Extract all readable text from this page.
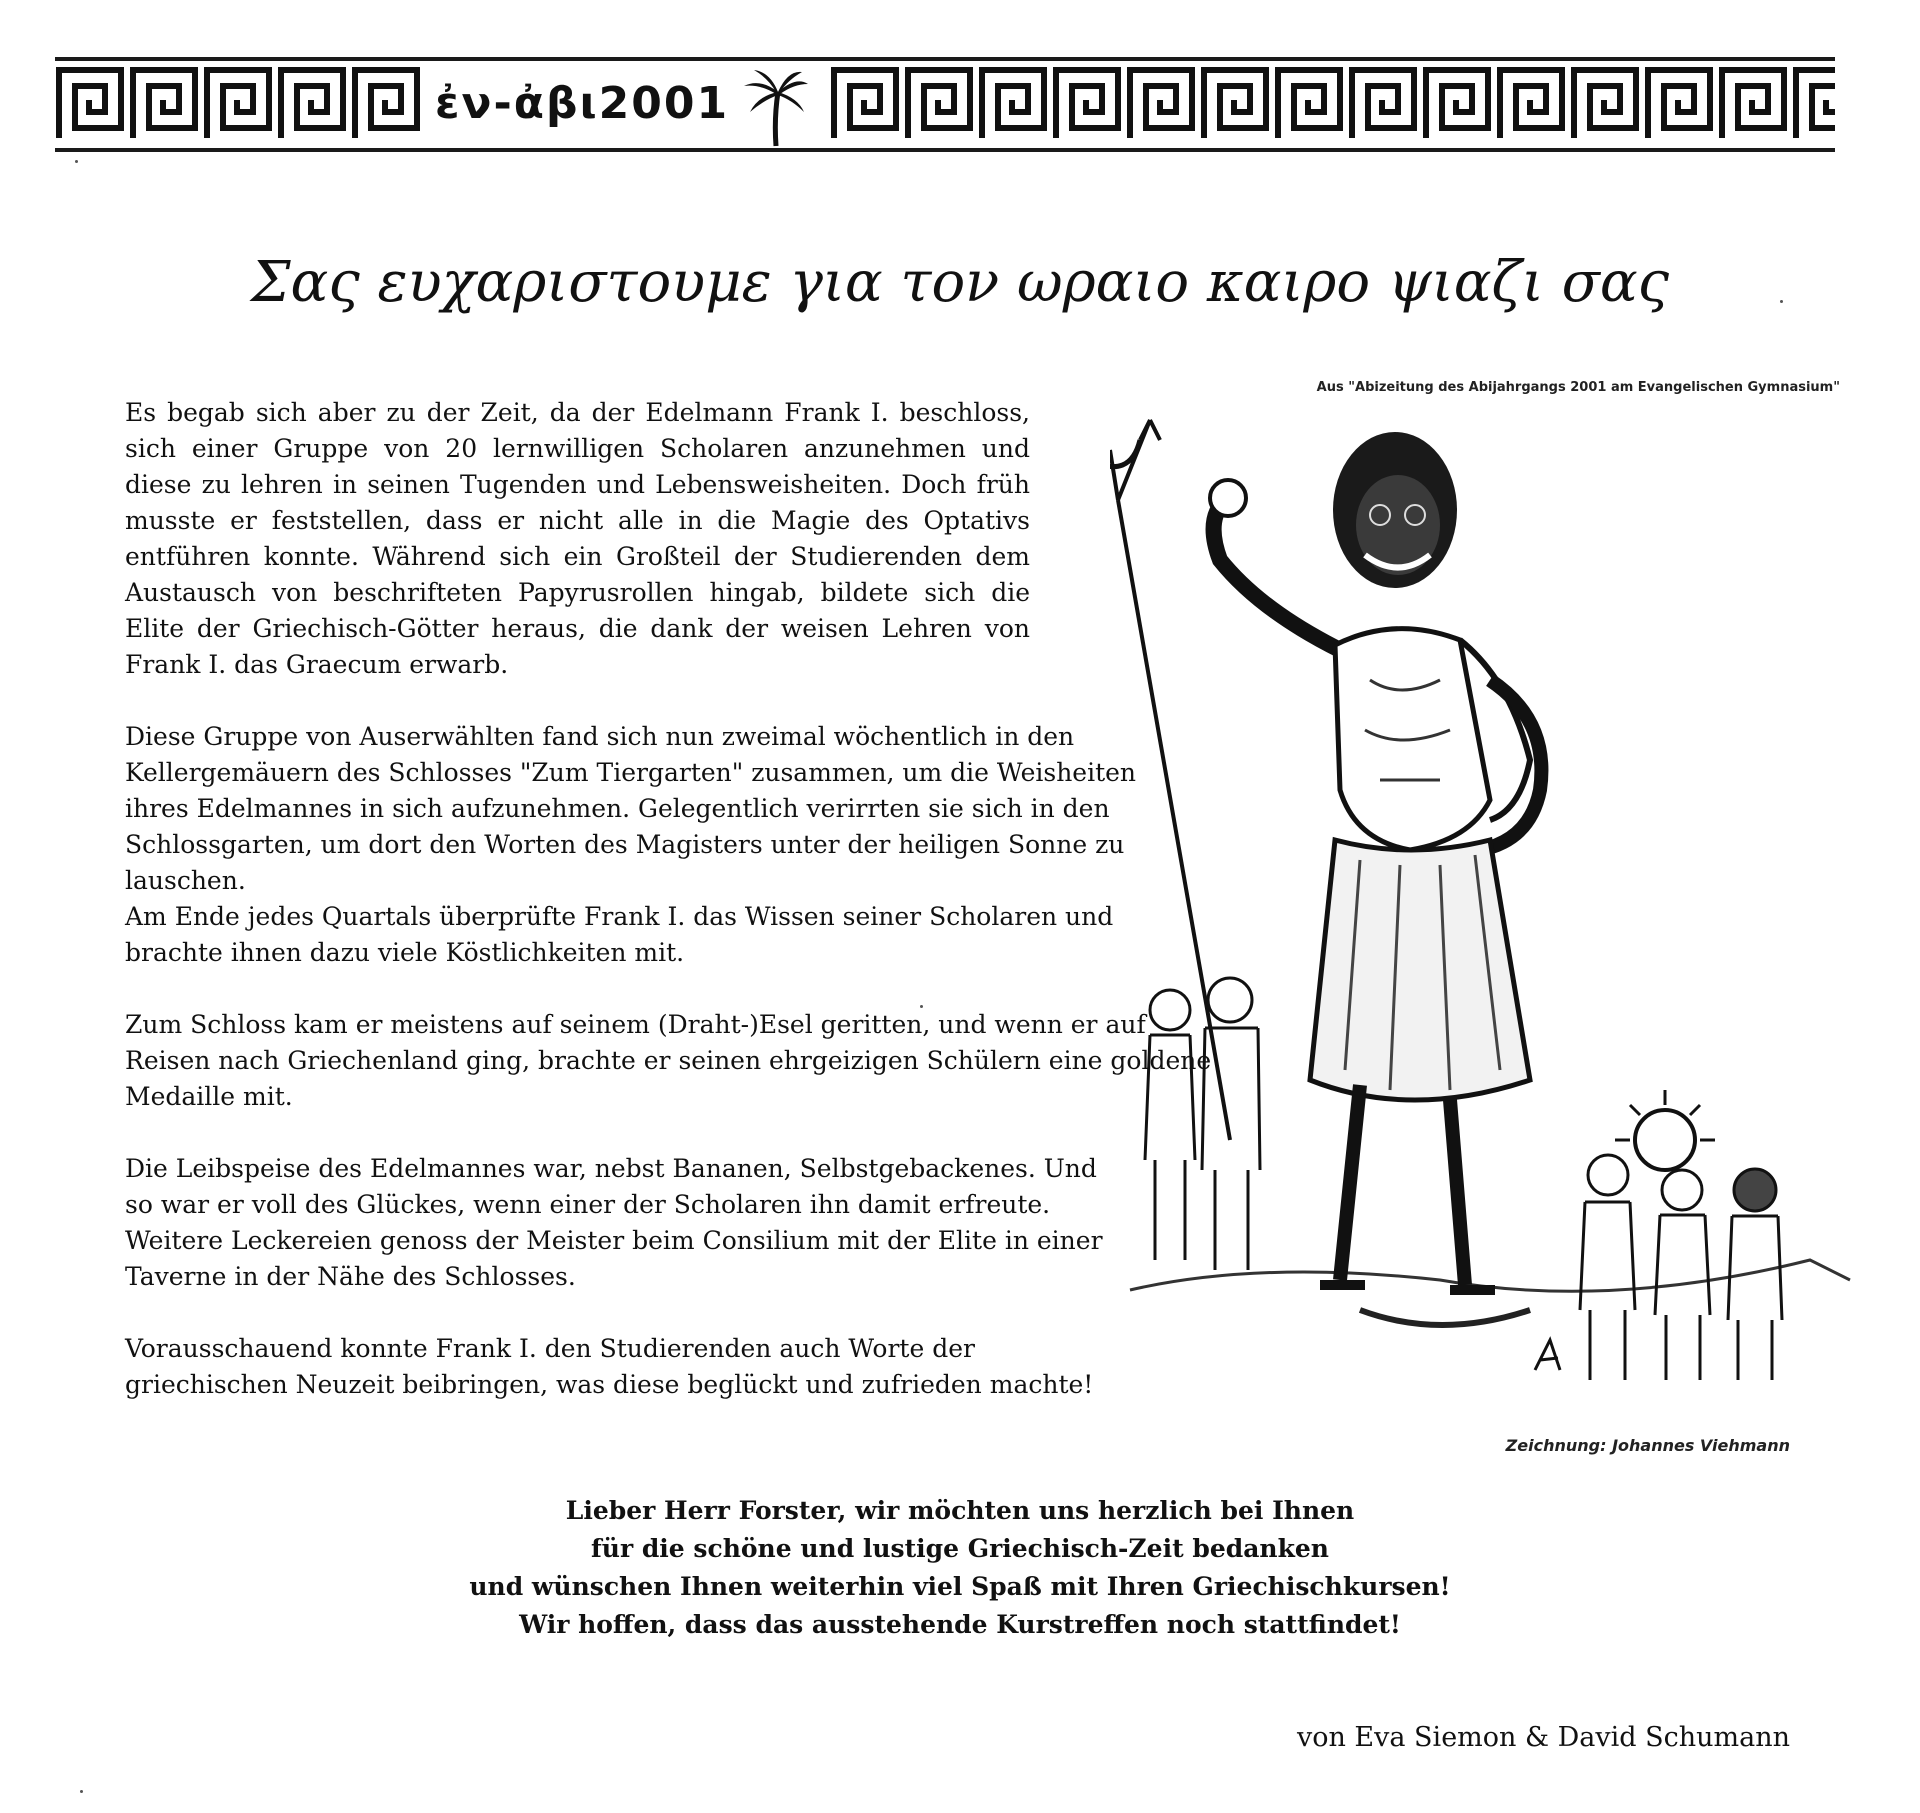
ἐν-ἀβι2001
Σας ευχαριστουμε για τον ωραιο καιρο ψιαζι σας
Aus "Abizeitung des Abijahrgangs 2001 am Evangelischen Gymnasium"

Es begab sich aber zu der Zeit, da der Edelmann Frank I. beschloss, sich einer Gruppe von 20 lernwilligen Scholaren anzunehmen und diese zu lehren in seinen Tugenden und Lebensweisheiten. Doch früh musste er feststellen, dass er nicht alle in die Magie des Optativs entführen konnte. Während sich ein Großteil der Studierenden dem Austausch von beschrifteten Papyrusrollen hingab, bildete sich die Elite der Griechisch-Götter heraus, die dank der weisen Lehren von Frank I. das Graecum erwarb.

Diese Gruppe von Auserwählten fand sich nun zweimal wöchentlich in den Kellergemäuern des Schlosses "Zum Tiergarten" zusammen, um die Weisheiten ihres Edelmannes in sich aufzunehmen. Gelegentlich verirrten sie sich in den Schlossgarten, um dort den Worten des Magisters unter der heiligen Sonne zu lauschen.

Am Ende jedes Quartals überprüfte Frank I. das Wissen seiner Scholaren und brachte ihnen dazu viele Köstlichkeiten mit.

Zum Schloss kam er meistens auf seinem (Draht-)Esel geritten, und wenn er auf Reisen nach Griechenland ging, brachte er seinen ehrgeizigen Schülern eine goldene Medaille mit.

Die Leibspeise des Edelmannes war, nebst Bananen, Selbstgebackenes. Und so war er voll des Glückes, wenn einer der Scholaren ihn damit erfreute. Weitere Leckereien genoss der Meister beim Consilium mit der Elite in einer Taverne in der Nähe des Schlosses.

Vorausschauend konnte Frank I. den Studierenden auch Worte der griechischen Neuzeit beibringen, was diese beglückt und zufrieden machte!

Zeichnung: Johannes Viehmann
Lieber Herr Forster, wir möchten uns herzlich bei Ihnen
für die schöne und lustige Griechisch-Zeit bedanken
und wünschen Ihnen weiterhin viel Spaß mit Ihren Griechischkursen!
Wir hoffen, dass das ausstehende Kurstreffen noch stattfindet!
von Eva Siemon & David Schumann
